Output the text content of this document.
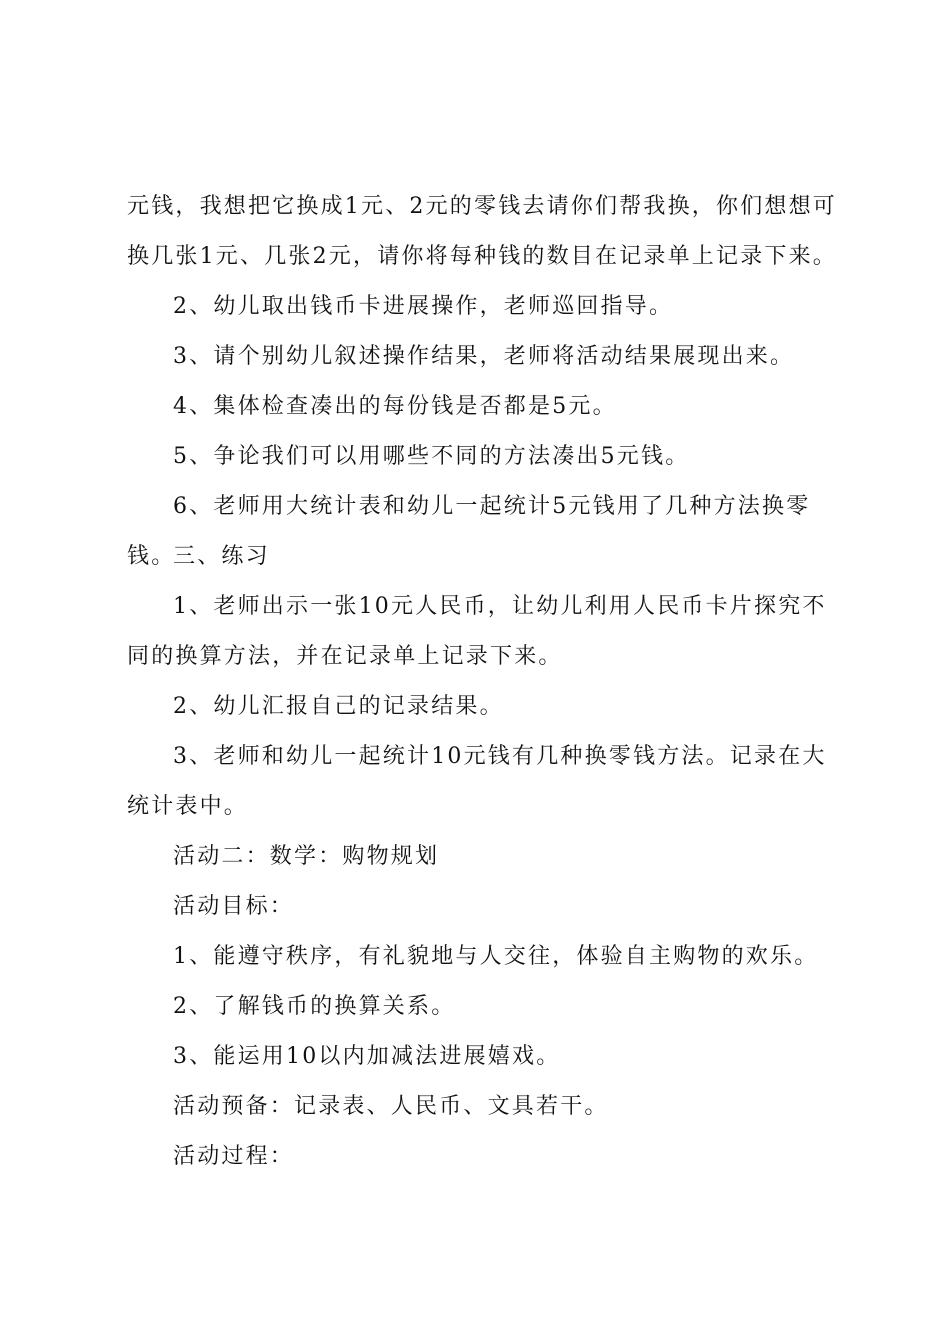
元钱，我想把它换成1元、2元的零钱去请你们帮我换，你们想想可换几张1元、几张2元，请你将每种钱的数目在记录单上记录下来。

2、幼儿取出钱币卡进展操作，老师巡回指导。

3、请个别幼儿叙述操作结果，老师将活动结果展现出来。

4、集体检查凑出的每份钱是否都是5元。

5、争论我们可以用哪些不同的方法凑出5元钱。

6、老师用大统计表和幼儿一起统计5元钱用了几种方法换零钱。

三、练习

1、老师出示一张10元人民币，让幼儿利用人民币卡片探究不同的换算方法，并在记录单上记录下来。

2、幼儿汇报自己的记录结果。

3、老师和幼儿一起统计10元钱有几种换零钱方法。记录在大统计表中。

活动二：数学：购物规划

活动目标：

1、能遵守秩序，有礼貌地与人交往，体验自主购物的欢乐。

2、了解钱币的换算关系。

3、能运用10以内加减法进展嬉戏。

活动预备：记录表、人民币、文具若干。

活动过程：
